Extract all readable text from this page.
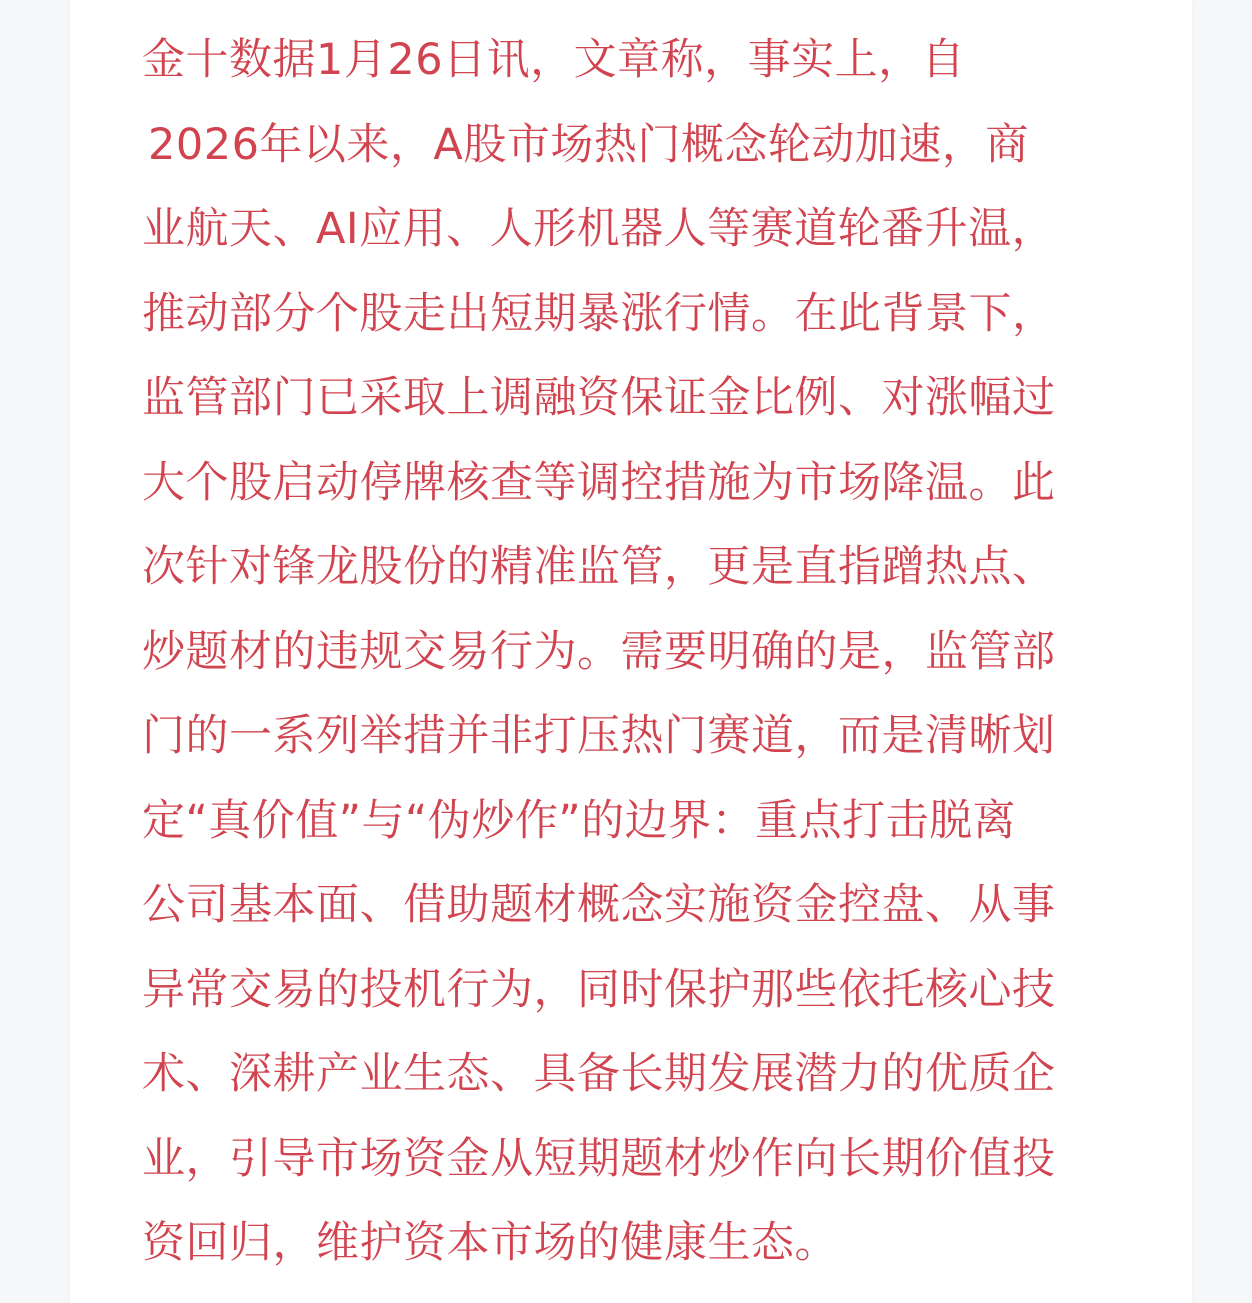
金十数据1月26日讯，文章称，事实上，自
2026年以来，A股市场热门概念轮动加速，商
业航天、AI应用、人形机器人等赛道轮番升温，
推动部分个股走出短期暴涨行情。在此背景下，
监管部门已采取上调融资保证金比例、对涨幅过
大个股启动停牌核查等调控措施为市场降温。此
次针对锋龙股份的精准监管，更是直指蹭热点、
炒题材的违规交易行为。需要明确的是，监管部
门的一系列举措并非打压热门赛道，而是清晰划
定“真价值”与“伪炒作”的边界：重点打击脱离
公司基本面、借助题材概念实施资金控盘、从事
异常交易的投机行为，同时保护那些依托核心技
术、深耕产业生态、具备长期发展潜力的优质企
业，引导市场资金从短期题材炒作向长期价值投
资回归，维护资本市场的健康生态。
